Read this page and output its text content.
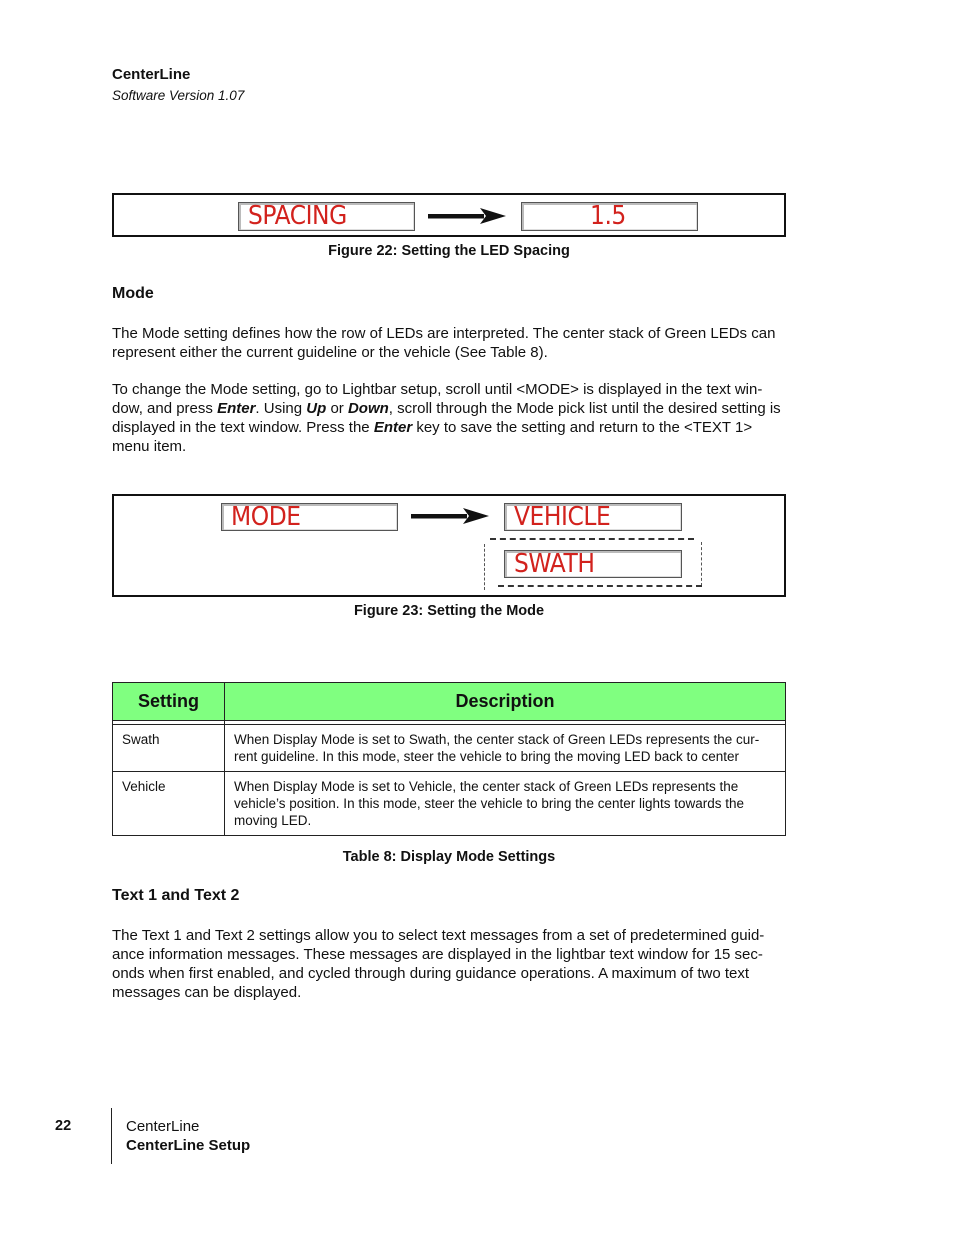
CenterLine
Software Version 1.07
SPACING	1.5
Figure 22: Setting the LED Spacing
Mode
The Mode setting defines how the row of LEDs are interpreted. The center stack of Green LEDs can represent either the current guideline or the vehicle (See Table 8).
To change the Mode setting, go to Lightbar setup, scroll until <MODE> is displayed in the text win-dow, and press Enter. Using Up or Down, scroll through the Mode pick list until the desired setting is displayed in the text window. Press the Enter key to save the setting and return to the <TEXT 1> menu item.
MODE	VEHICLE
SWATH
Figure 23: Setting the Mode
Setting	Description

Swath	When Display Mode is set to Swath, the center stack of Green LEDs represents the cur-rent guideline. In this mode, steer the vehicle to bring the moving LED back to center
Vehicle	When Display Mode is set to Vehicle, the center stack of Green LEDs represents the vehicle’s position. In this mode, steer the vehicle to bring the center lights towards the moving LED.
Table 8: Display Mode Settings
Text 1 and Text 2
The Text 1 and Text 2 settings allow you to select text messages from a set of predetermined guid-ance information messages. These messages are displayed in the lightbar text window for 15 sec-onds when first enabled, and cycled through during guidance operations. A maximum of two text messages can be displayed.
22	CenterLine
CenterLine Setup
